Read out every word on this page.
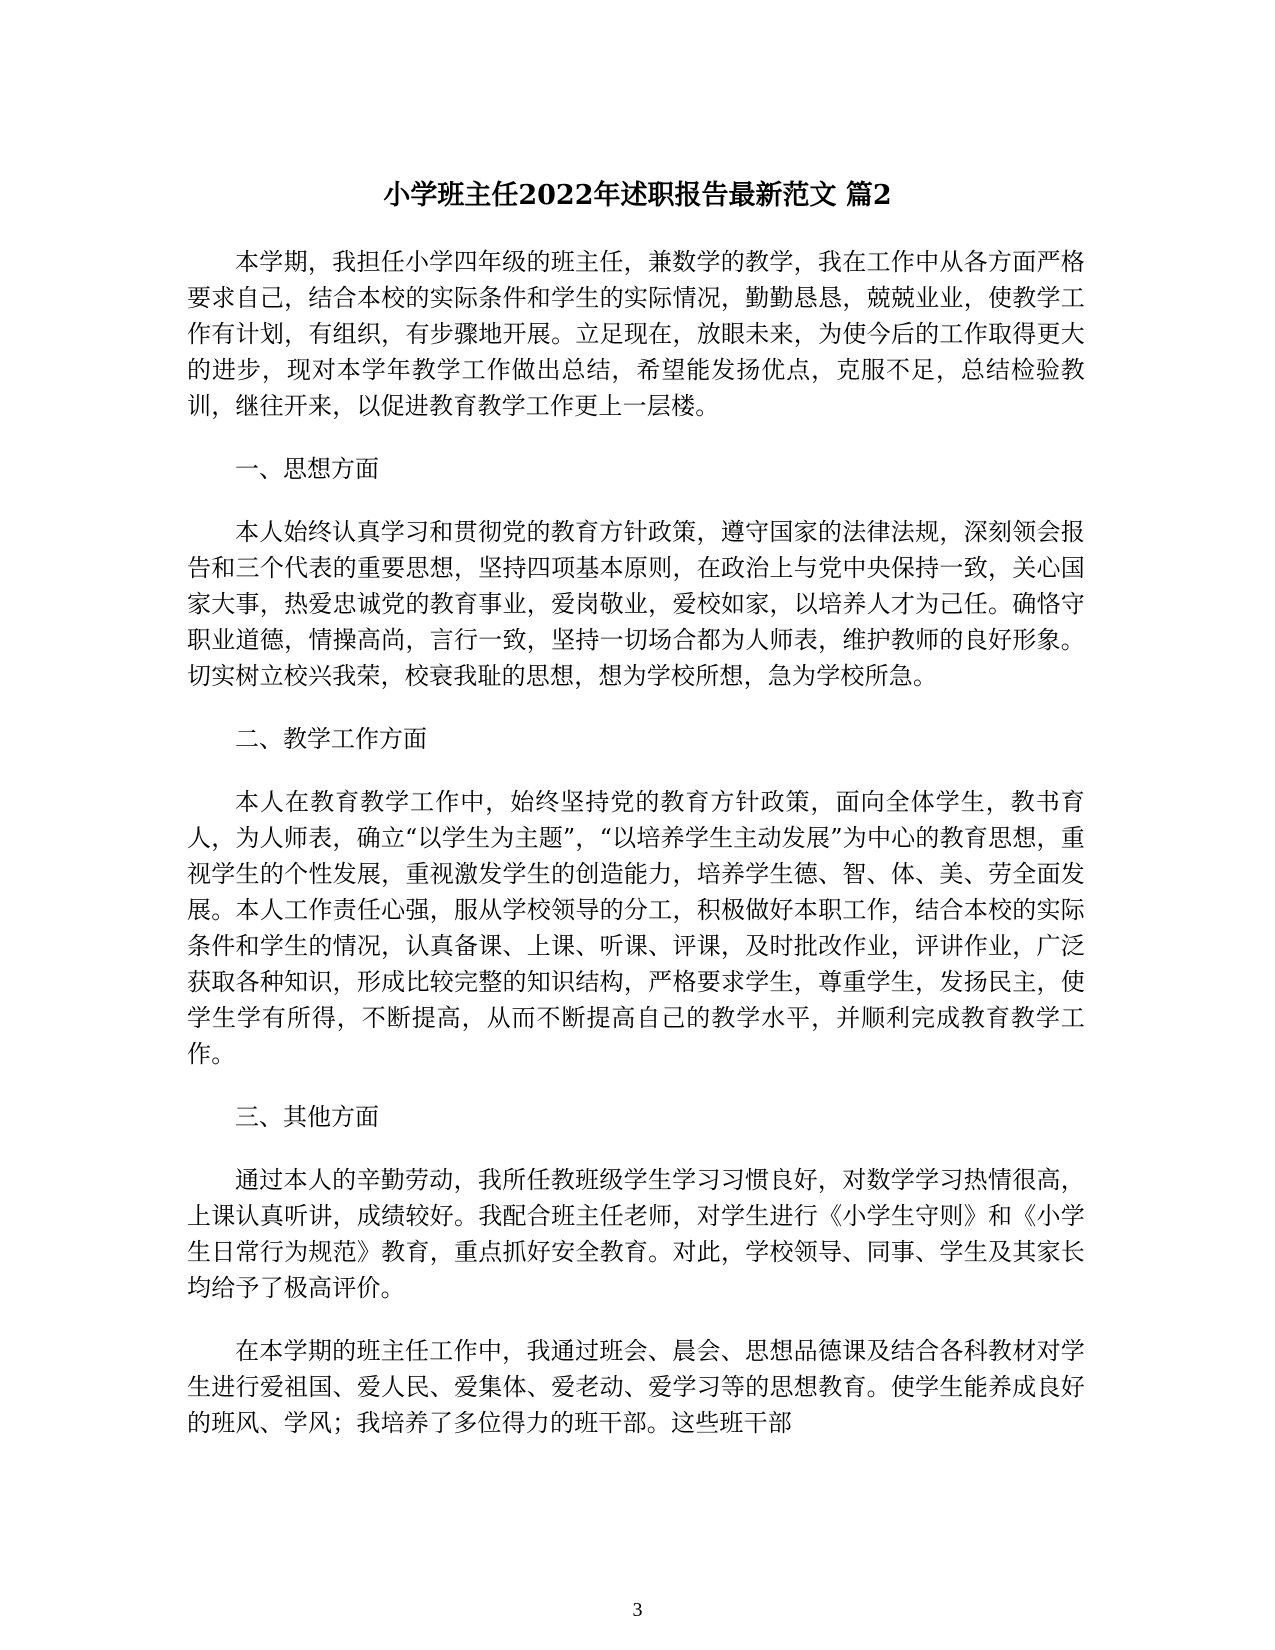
小学班主任2022年述职报告最新范文 篇2

本学期，我担任小学四年级的班主任，兼数学的教学，我在工作中从各方面严格要求自己，结合本校的实际条件和学生的实际情况，勤勤恳恳，兢兢业业，使教学工作有计划，有组织，有步骤地开展。立足现在，放眼未来，为使今后的工作取得更大的进步，现对本学年教学工作做出总结，希望能发扬优点，克服不足，总结检验教训，继往开来，以促进教育教学工作更上一层楼。

一、思想方面

本人始终认真学习和贯彻党的教育方针政策，遵守国家的法律法规，深刻领会报告和三个代表的重要思想，坚持四项基本原则，在政治上与党中央保持一致，关心国家大事，热爱忠诚党的教育事业，爱岗敬业，爱校如家，以培养人才为己任。确恪守职业道德，情操高尚，言行一致，坚持一切场合都为人师表，维护教师的良好形象。切实树立校兴我荣，校衰我耻的思想，想为学校所想，急为学校所急。

二、教学工作方面

本人在教育教学工作中，始终坚持党的教育方针政策，面向全体学生，教书育人，为人师表，确立“以学生为主题”，“以培养学生主动发展”为中心的教育思想，重视学生的个性发展，重视激发学生的创造能力，培养学生德、智、体、美、劳全面发展。本人工作责任心强，服从学校领导的分工，积极做好本职工作，结合本校的实际条件和学生的情况，认真备课、上课、听课、评课，及时批改作业，评讲作业，广泛获取各种知识，形成比较完整的知识结构，严格要求学生，尊重学生，发扬民主，使学生学有所得，不断提高，从而不断提高自己的教学水平，并顺利完成教育教学工作。

三、其他方面

通过本人的辛勤劳动，我所任教班级学生学习习惯良好，对数学学习热情很高，上课认真听讲，成绩较好。我配合班主任老师，对学生进行《小学生守则》和《小学生日常行为规范》教育，重点抓好安全教育。对此，学校领导、同事、学生及其家长均给予了极高评价。

在本学期的班主任工作中，我通过班会、晨会、思想品德课及结合各科教材对学生进行爱祖国、爱人民、爱集体、爱老动、爱学习等的思想教育。使学生能养成良好的班风、学风；我培养了多位得力的班干部。这些班干部

3
